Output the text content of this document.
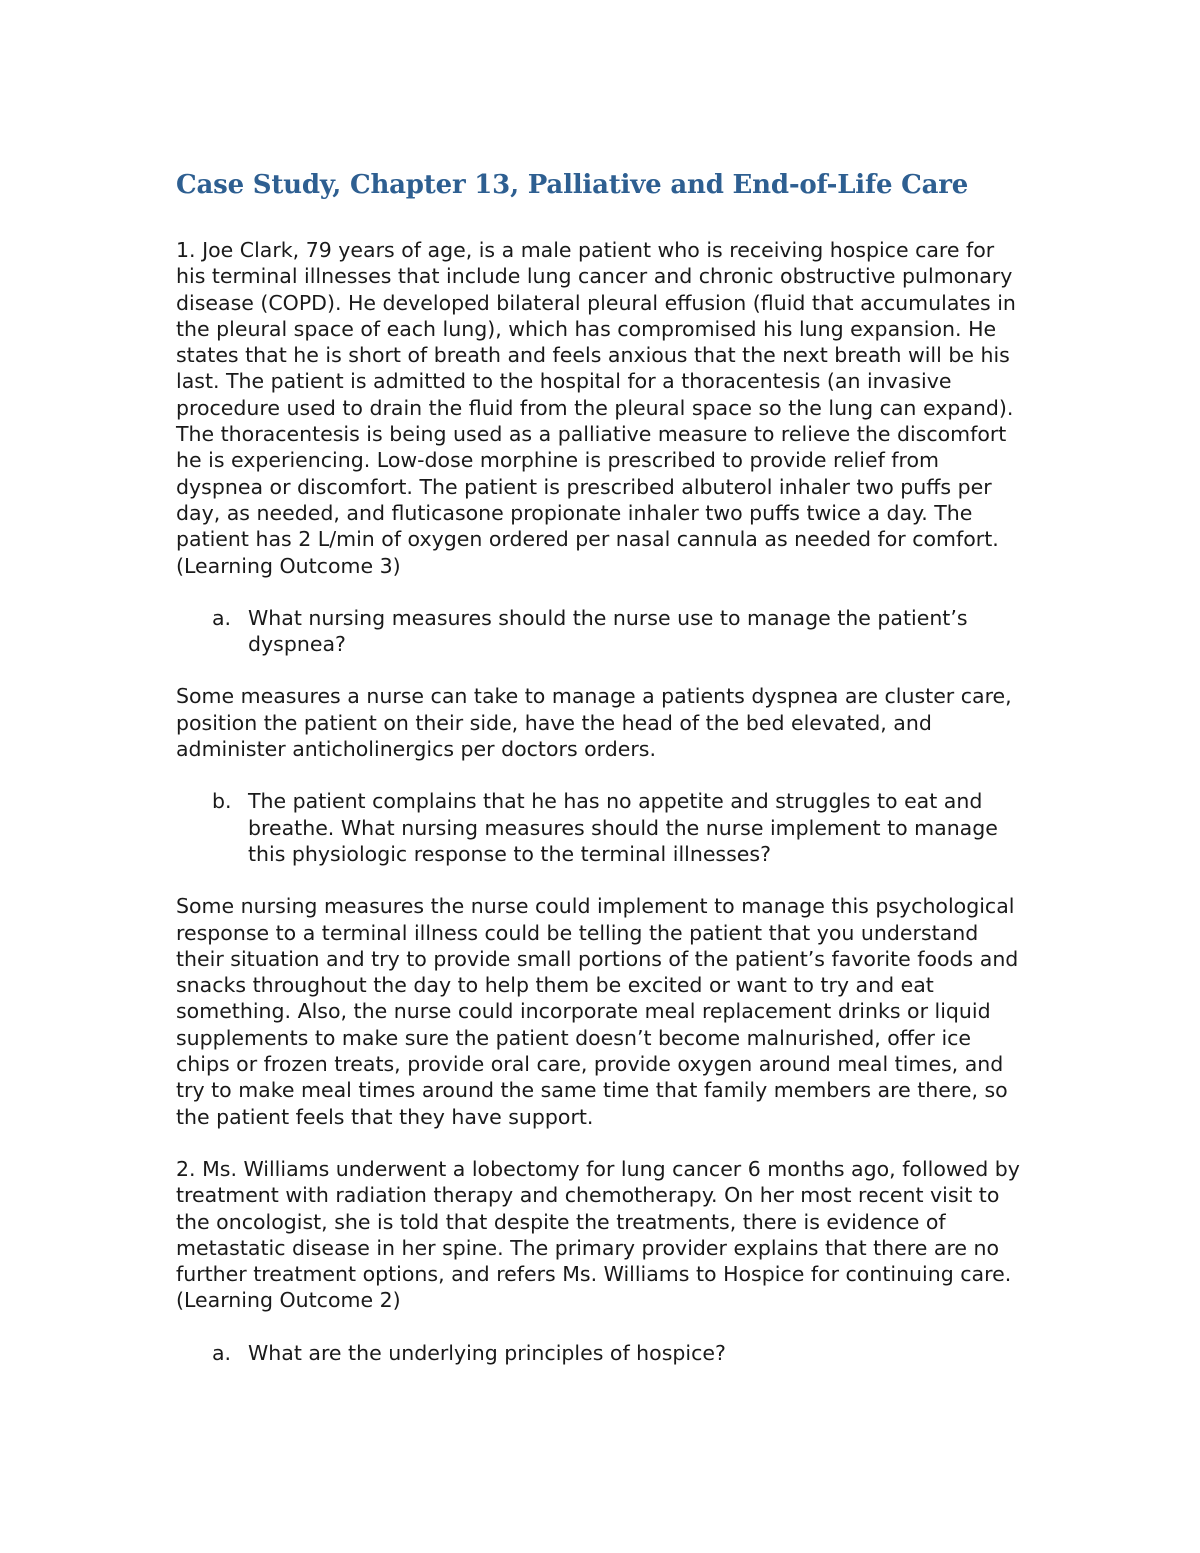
Case Study, Chapter 13, Palliative and End-of-Life Care
1. Joe Clark, 79 years of age, is a male patient who is receiving hospice care for his terminal illnesses that include lung cancer and chronic obstructive pulmonary disease (COPD). He developed bilateral pleural effusion (fluid that accumulates in the pleural space of each lung), which has compromised his lung expansion. He states that he is short of breath and feels anxious that the next breath will be his last. The patient is admitted to the hospital for a thoracentesis (an invasive procedure used to drain the fluid from the pleural space so the lung can expand). The thoracentesis is being used as a palliative measure to relieve the discomfort he is experiencing. Low-dose morphine is prescribed to provide relief from dyspnea or discomfort. The patient is prescribed albuterol inhaler two puffs per day, as needed, and fluticasone propionate inhaler two puffs twice a day. The patient has 2 L/min of oxygen ordered per nasal cannula as needed for comfort. (Learning Outcome 3)
a. What nursing measures should the nurse use to manage the patient’s dyspnea?
Some measures a nurse can take to manage a patients dyspnea are cluster care, position the patient on their side, have the head of the bed elevated, and administer anticholinergics per doctors orders.
b. The patient complains that he has no appetite and struggles to eat and breathe. What nursing measures should the nurse implement to manage this physiologic response to the terminal illnesses?
Some nursing measures the nurse could implement to manage this psychological response to a terminal illness could be telling the patient that you understand their situation and try to provide small portions of the patient’s favorite foods and snacks throughout the day to help them be excited or want to try and eat something. Also, the nurse could incorporate meal replacement drinks or liquid supplements to make sure the patient doesn’t become malnurished, offer ice chips or frozen treats, provide oral care, provide oxygen around meal times, and try to make meal times around the same time that family members are there, so the patient feels that they have support.
2. Ms. Williams underwent a lobectomy for lung cancer 6 months ago, followed by treatment with radiation therapy and chemotherapy. On her most recent visit to the oncologist, she is told that despite the treatments, there is evidence of metastatic disease in her spine. The primary provider explains that there are no further treatment options, and refers Ms. Williams to Hospice for continuing care. (Learning Outcome 2)
a. What are the underlying principles of hospice?
